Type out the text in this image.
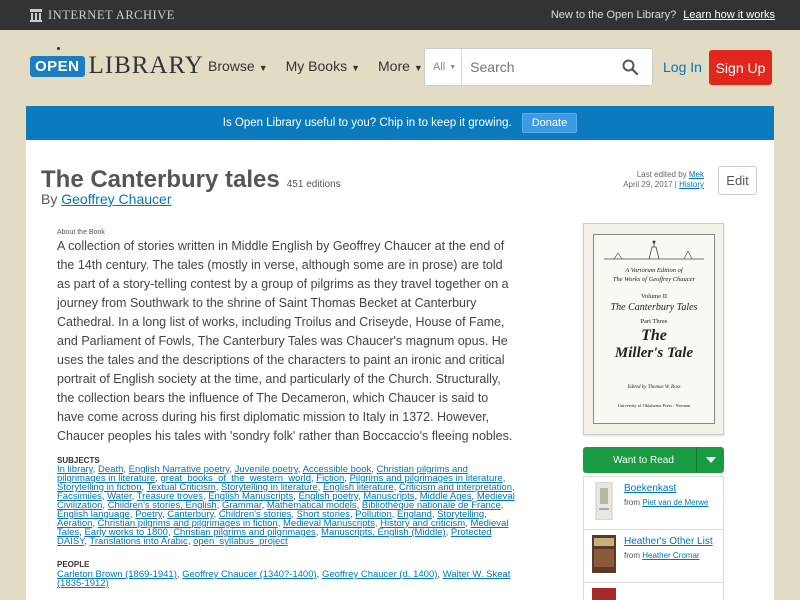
INTERNET ARCHIVE	New to the Open Library? Learn how it works
OPEN LIBRARY Browse ▼ My Books ▼ More ▼ All ▼
Search	Log In Sign Up
Is Open Library useful to you? Chip in to keep it growing.	Donate
The Canterbury tales 451 editions
By Geoffrey Chaucer
Last edited by Mek
April 29, 2017 | History	Edit
About the Book
A collection of stories written in Middle English by Geoffrey Chaucer at the end of the 14th century. The tales (mostly in verse, although some are in prose) are told as part of a story-telling contest by a group of pilgrims as they travel together on a journey from Southwark to the shrine of Saint Thomas Becket at Canterbury Cathedral. In a long list of works, including Troilus and Criseyde, House of Fame, and Parliament of Fowls, The Canterbury Tales was Chaucer's magnum opus. He uses the tales and the descriptions of the characters to paint an ironic and critical portrait of English society at the time, and particularly of the Church. Structurally, the collection bears the influence of The Decameron, which Chaucer is said to have come across during his first diplomatic mission to Italy in 1372. However, Chaucer peoples his tales with 'sondry folk' rather than Boccaccio's fleeing nobles.
SUBJECTS
In library, Death, English Narrative poetry, Juvenile poetry, Accessible book, Christian pilgrims and pilgrimages in literature, great_books_of_the_western_world, Fiction, Pilgrims and pilgrimages in literature, Storytelling in fiction, Textual Criticism, Storytelling in literature, English literature, Criticism and interpretation, Facsimiles, Water, Treasure troves, English Manuscripts, English poetry, Manuscripts, Middle Ages, Medieval Civilization, Children's stories, English, Grammar, Mathematical models, Bibliothèque nationale de France, English language, Poetry, Canterbury, Children's stories, Short stories, Pollution, England, Storytelling, Aeration, Christian pilgrims and pilgrimages in fiction, Medieval Manuscripts, History and criticism, Medieval Tales, Early works to 1800, Christian pilgrims and pilgrimages, Manuscripts, English (Middle), Protected DAISY, Translations into Arabic, open_syllabus_project
PEOPLE
Carleton Brown (1869-1941), Geoffrey Chaucer (1340?-1400), Geoffrey Chaucer (d. 1400), Walter W. Skeat (1835-1912)
A Variorum Edition of
The Works of Geoffrey Chaucer
Volume II
The Canterbury Tales
Part Three
The
Miller's Tale
Edited by Thomas W. Ross
University of Oklahoma Press : Norman
Want to Read
Boekenkast
from Piet van de Merwe
Heather's Other List
from Heather Cromar
